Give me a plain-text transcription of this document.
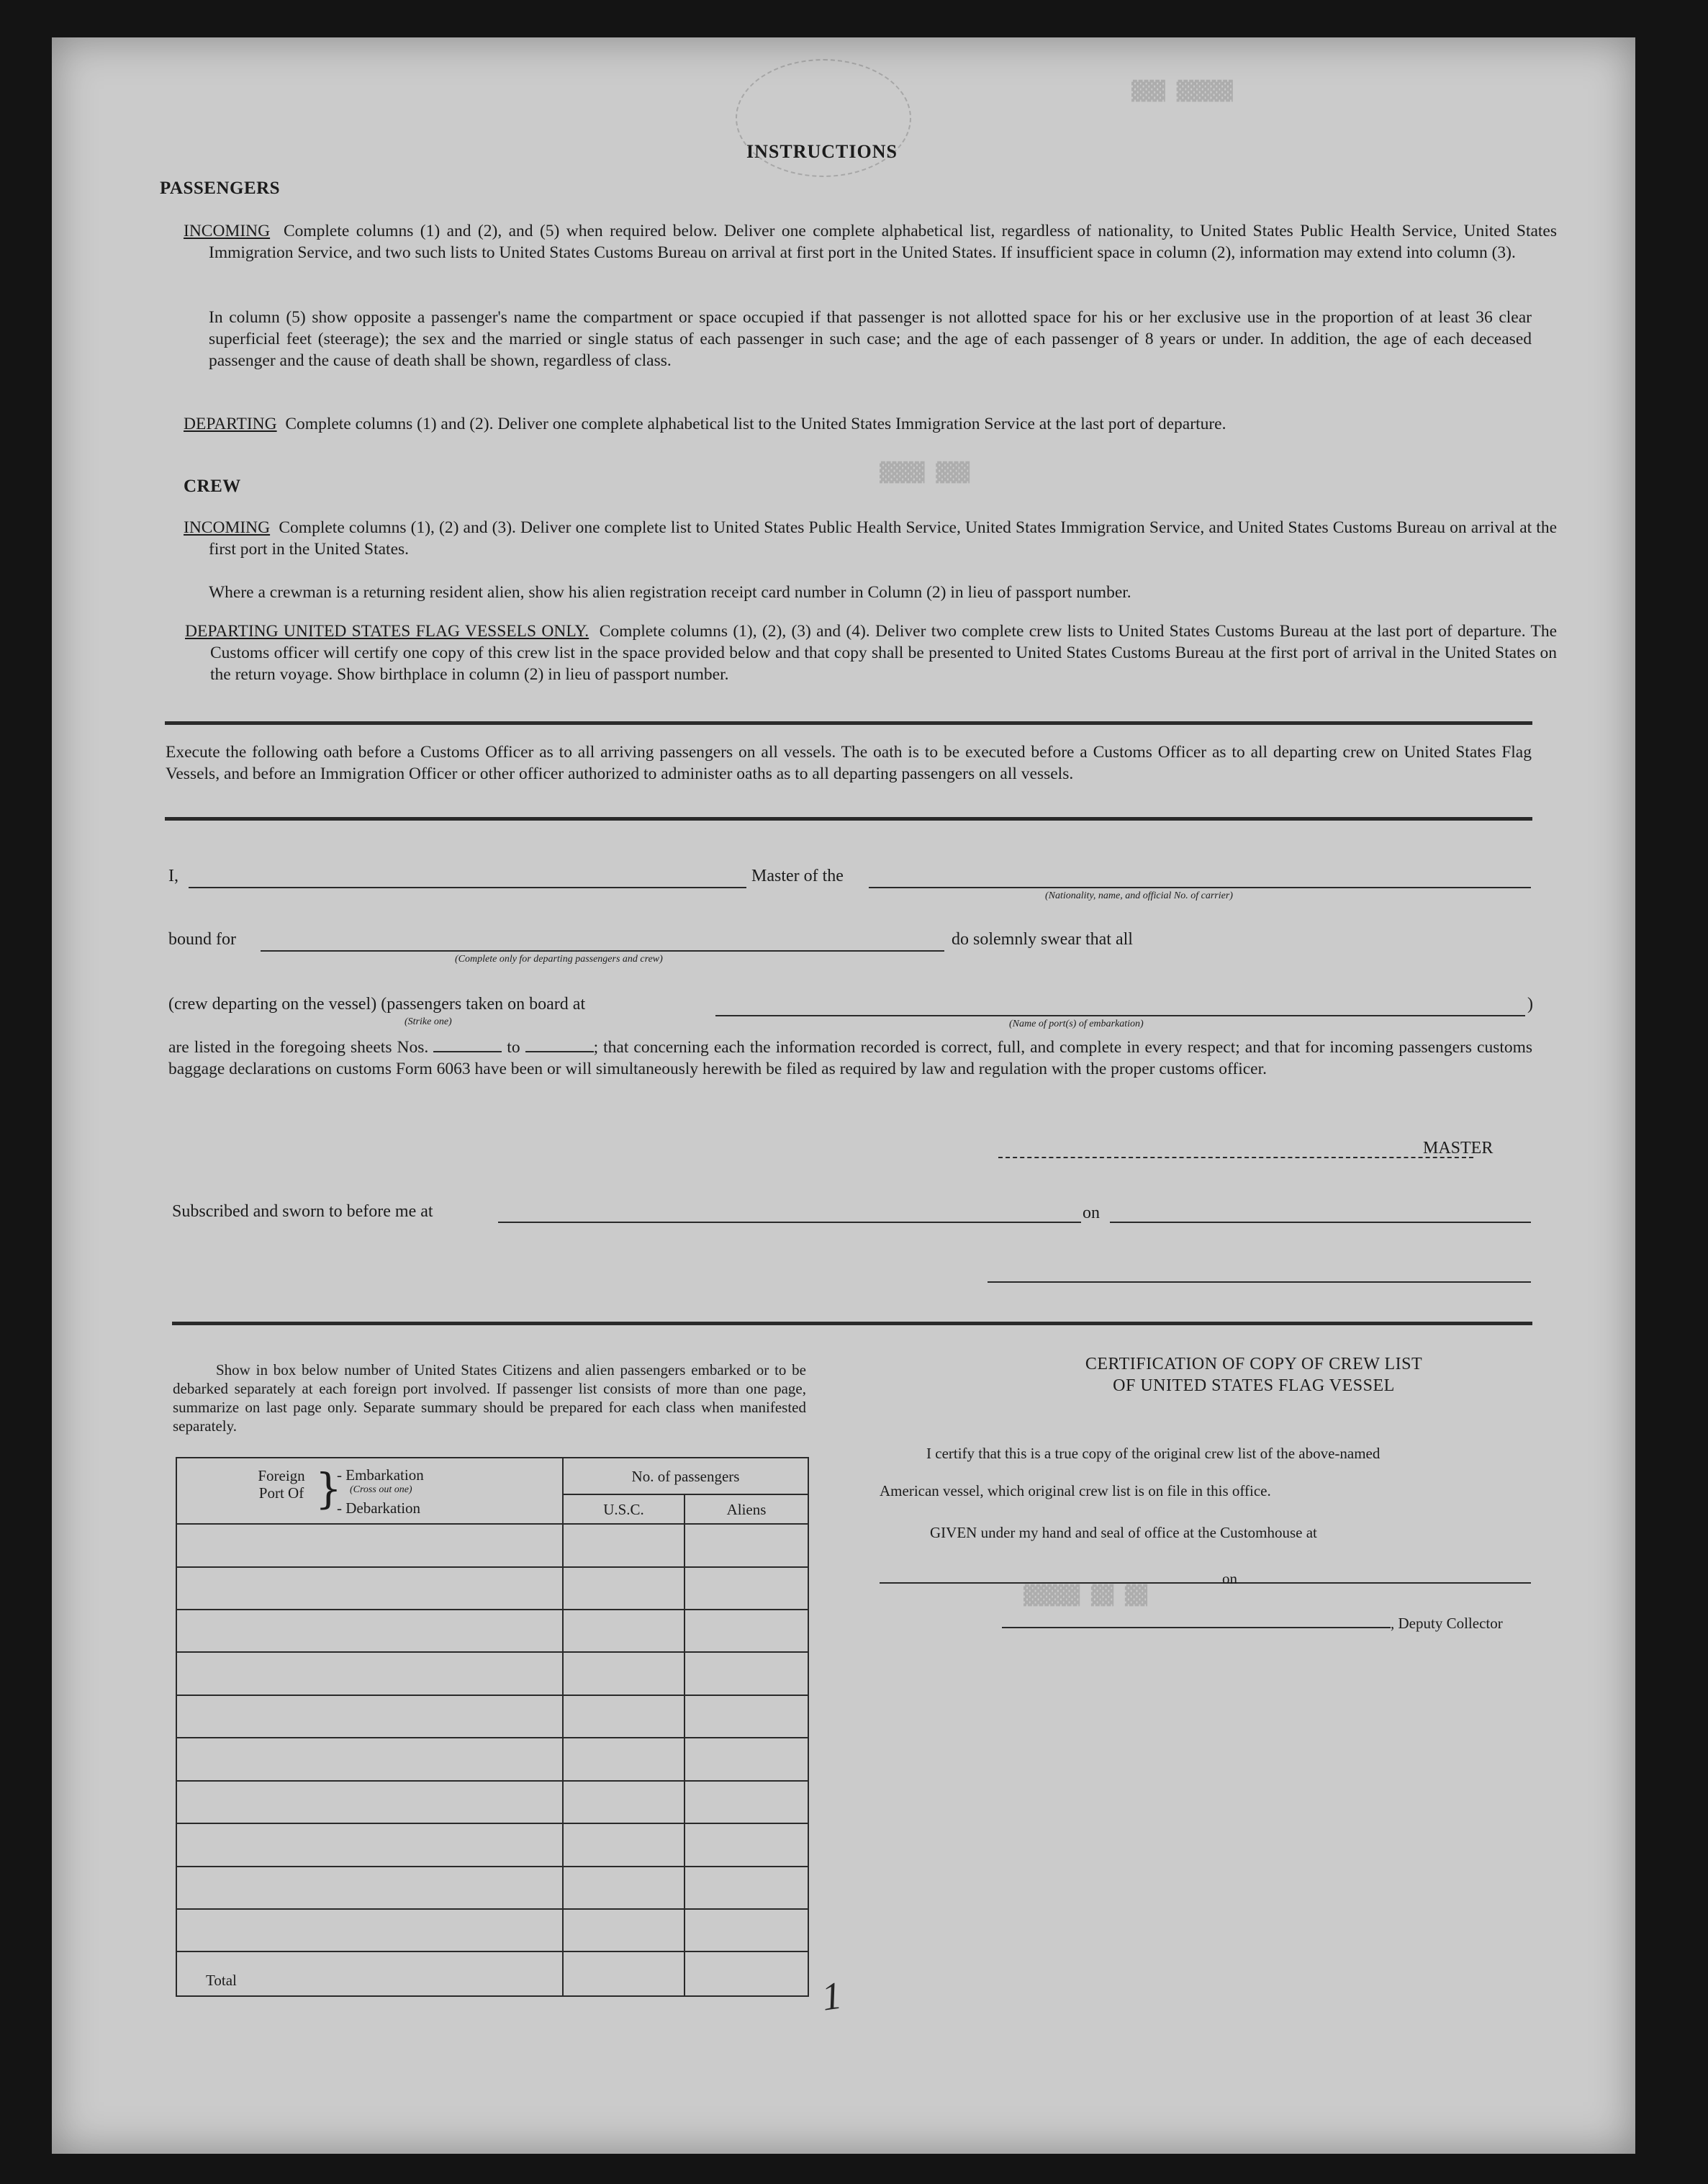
▓▓▓ ▓▓▓▓▓
▓▓▓▓ ▓▓▓
▓▓▓▓▓ ▓▓ ▓▓
INSTRUCTIONS
PASSENGERS
INCOMING Complete columns (1) and (2), and (5) when required below. Deliver one complete alphabetical list, regardless of nationality, to United States Public Health Service, United States Immigration Service, and two such lists to United States Customs Bureau on arrival at first port in the United States. If insufficient space in column (2), information may extend into column (3).
In column (5) show opposite a passenger's name the compartment or space occupied if that passenger is not allotted space for his or her exclusive use in the proportion of at least 36 clear superficial feet (steerage); the sex and the married or single status of each passenger in such case; and the age of each passenger of 8 years or under. In addition, the age of each deceased passenger and the cause of death shall be shown, regardless of class.
DEPARTING Complete columns (1) and (2). Deliver one complete alphabetical list to the United States Immigration Service at the last port of departure.
CREW
INCOMING Complete columns (1), (2) and (3). Deliver one complete list to United States Public Health Service, United States Immigration Service, and United States Customs Bureau on arrival at the first port in the United States.
Where a crewman is a returning resident alien, show his alien registration receipt card number in Column (2) in lieu of passport number.
DEPARTING UNITED STATES FLAG VESSELS ONLY. Complete columns (1), (2), (3) and (4). Deliver two complete crew lists to United States Customs Bureau at the last port of departure. The Customs officer will certify one copy of this crew list in the space provided below and that copy shall be presented to United States Customs Bureau at the first port of arrival in the United States on the return voyage. Show birthplace in column (2) in lieu of passport number.
Execute the following oath before a Customs Officer as to all arriving passengers on all vessels. The oath is to be executed before a Customs Officer as to all departing crew on United States Flag Vessels, and before an Immigration Officer or other officer authorized to administer oaths as to all departing passengers on all vessels.
I,	Master of the
(Nationality, name, and official No. of carrier)
bound for
(Complete only for departing passengers and crew)
do solemnly swear that all
(crew departing on the vessel) (passengers taken on board at
(Strike one)
)
(Name of port(s) of embarkation)
are listed in the foregoing sheets Nos.	to	; that concerning each the information recorded is correct, full, and complete in every respect; and that for incoming passengers customs baggage declarations on customs Form 6063 have been or will simultaneously herewith be filed as required by law and regulation with the proper customs officer.
MASTER
Subscribed and sworn to before me at	on
Show in box below number of United States Citizens and alien passengers embarked or to be debarked separately at each foreign port involved. If passenger list consists of more than one page, summarize on last page only. Separate summary should be prepared for each class when manifested separately.
Foreign Port Of }
- Embarkation
(Cross out one)
- Debarkation	No. of passengers	
	U.S.C.	Aliens

Total		
CERTIFICATION OF COPY OF CREW LIST
OF UNITED STATES FLAG VESSEL
I certify that this is a true copy of the original crew list of the above-named
American vessel, which original crew list is on file in this office.
GIVEN under my hand and seal of office at the Customhouse at
on
, Deputy Collector
1
